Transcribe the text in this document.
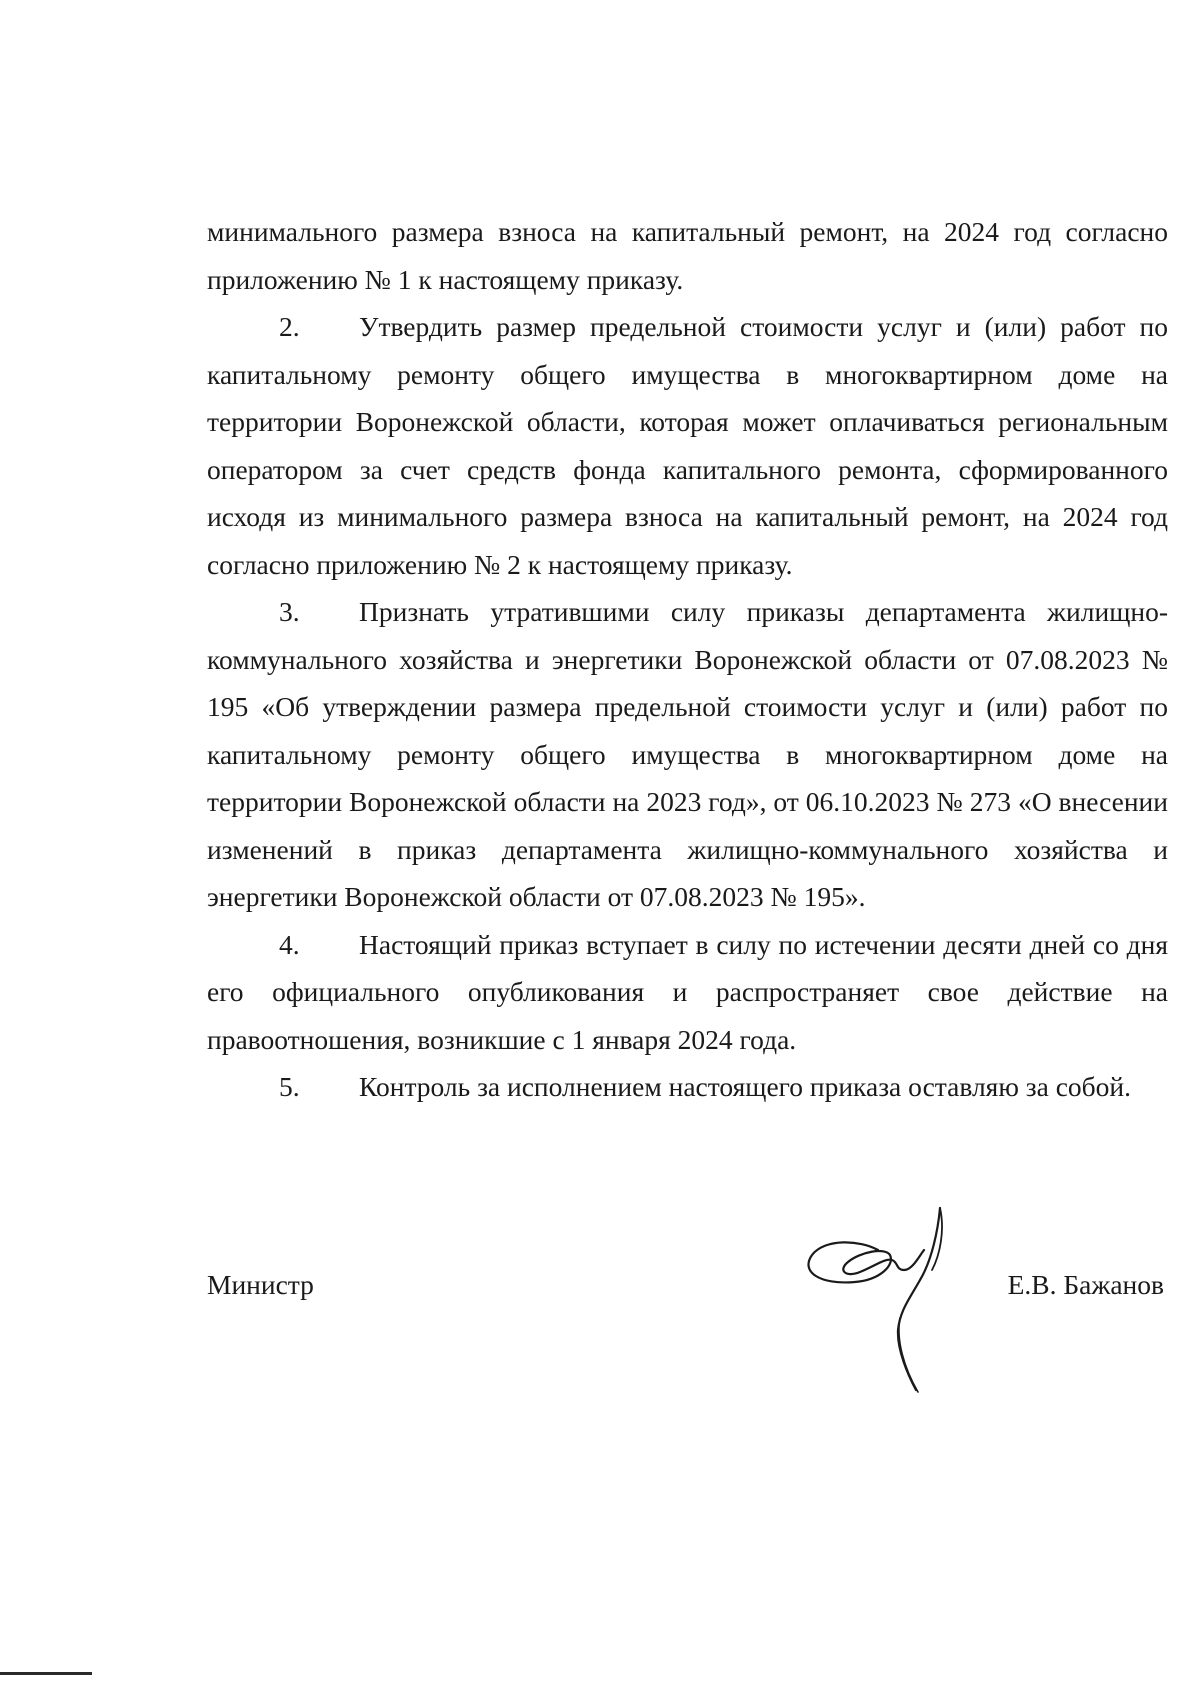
минимального размера взноса на капитальный ремонт, на 2024 год согласно приложению № 1 к настоящему приказу.

2. Утвердить размер предельной стоимости услуг и (или) работ по капитальному ремонту общего имущества в многоквартирном доме на территории Воронежской области, которая может оплачиваться региональным оператором за счет средств фонда капитального ремонта, сформированного исходя из минимального размера взноса на капитальный ремонт, на 2024 год согласно приложению № 2 к настоящему приказу.

3. Признать утратившими силу приказы департамента жилищно-коммунального хозяйства и энергетики Воронежской области от 07.08.2023 № 195 «Об утверждении размера предельной стоимости услуг и (или) работ по капитальному ремонту общего имущества в многоквартирном доме на территории Воронежской области на 2023 год», от 06.10.2023 № 273 «О внесении изменений в приказ департамента жилищно-коммунального хозяйства и энергетики Воронежской области от 07.08.2023 № 195».

4. Настоящий приказ вступает в силу по истечении десяти дней со дня его официального опубликования и распространяет свое действие на правоотношения, возникшие с 1 января 2024 года.

5. Контроль за исполнением настоящего приказа оставляю за собой.

Министр	Е.В. Бажанов
